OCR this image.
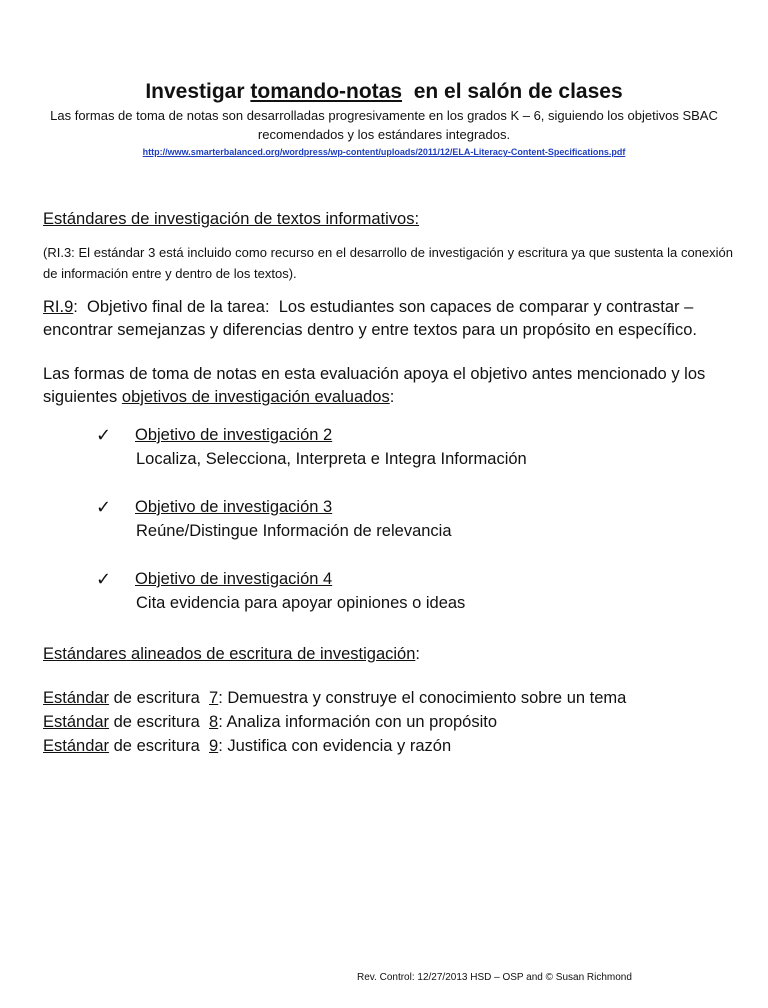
Investigar tomando-notas  en el salón de clases
Las formas de toma de notas son desarrolladas progresivamente en los grados K – 6, siguiendo los objetivos SBAC
recomendados y los estándares integrados.
http://www.smarterbalanced.org/wordpress/wp-content/uploads/2011/12/ELA-Literacy-Content-Specifications.pdf
Estándares de investigación de textos informativos:
(RI.3: El estándar 3 está incluido como recurso en el desarrollo de investigación y escritura ya que sustenta la conexión de información entre y dentro de los textos).
RI.9:  Objetivo final de la tarea:  Los estudiantes son capaces de comparar y contrastar – encontrar semejanzas y diferencias dentro y entre textos para un propósito en específico.
Las formas de toma de notas en esta evaluación apoya el objetivo antes mencionado y los siguientes objetivos de investigación evaluados:
✓ Objetivo de investigación 2
Localiza, Selecciona, Interpreta e Integra Información
✓ Objetivo de investigación 3
Reúne/Distingue Información de relevancia
✓ Objetivo de investigación 4
Cita evidencia para apoyar opiniones o ideas
Estándares alineados de escritura de investigación:
Estándar de escritura  7: Demuestra y construye el conocimiento sobre un tema
Estándar de escritura  8: Analiza información con un propósito
Estándar de escritura  9: Justifica con evidencia y razón
Rev. Control: 12/27/2013 HSD – OSP and © Susan Richmond
